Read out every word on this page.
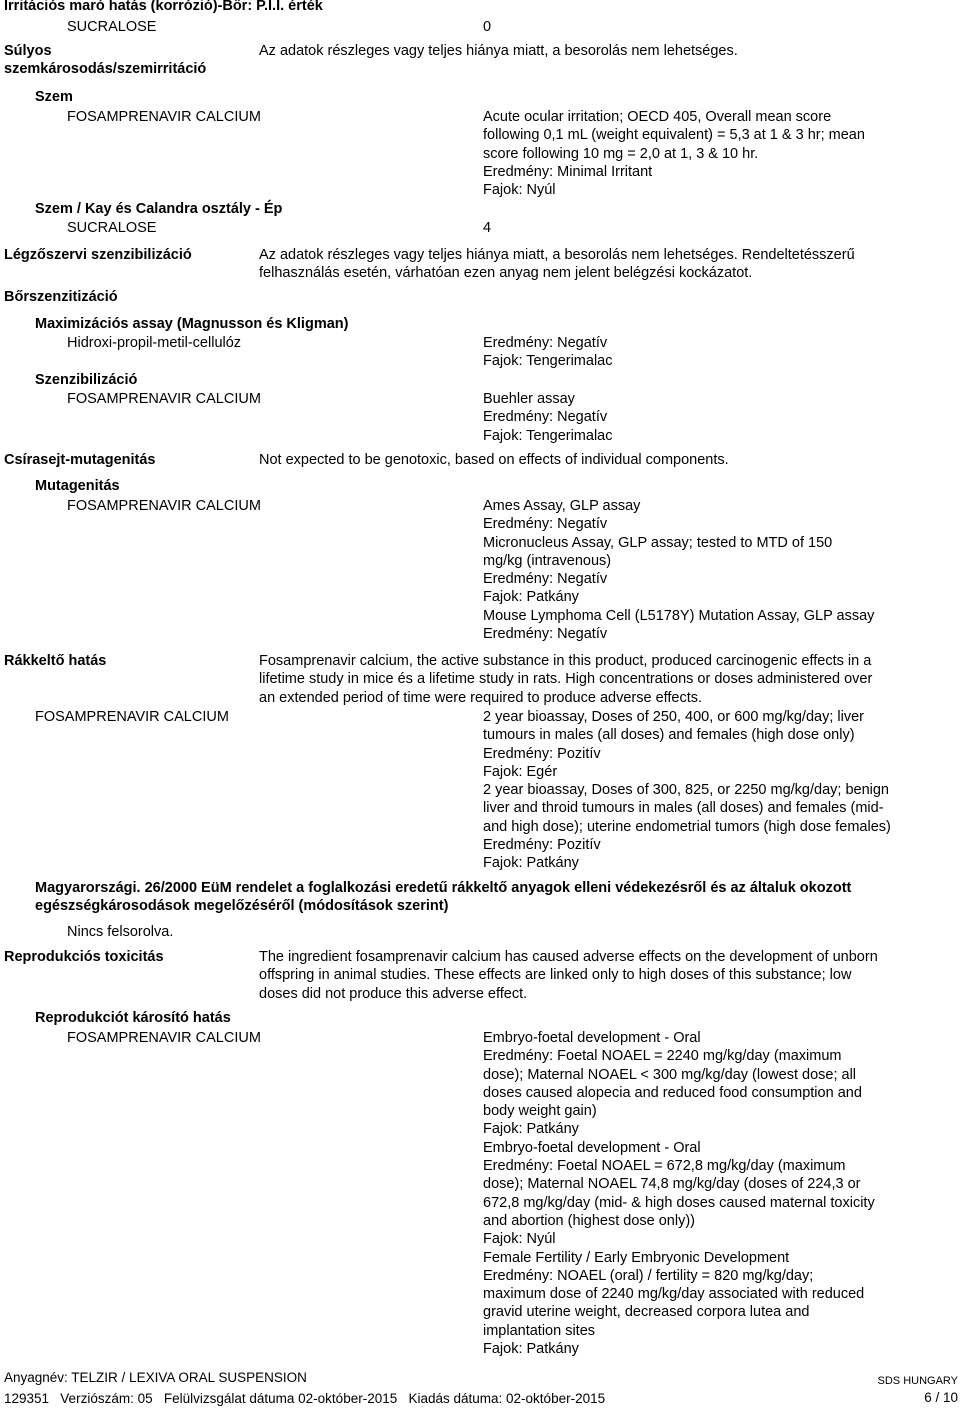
Irritációs maró hatás (korrózió)-Bőr: P.I.I. érték
SUCRALOSE	0
Súlyos
szemkárosodás/szemirritáció
Az adatok részleges vagy teljes hiánya miatt, a besorolás nem lehetséges.
Szem
FOSAMPRENAVIR CALCIUM	Acute ocular irritation; OECD 405, Overall mean score
following 0,1 mL (weight equivalent) = 5,3 at 1 & 3 hr; mean
score following 10 mg = 2,0 at 1, 3 & 10 hr.
Eredmény: Minimal Irritant
Fajok: Nyúl
Szem / Kay és Calandra osztály - Ép
SUCRALOSE	4
Légzőszervi szenzibilizáció	Az adatok részleges vagy teljes hiánya miatt, a besorolás nem lehetséges. Rendeltetésszerű
felhasználás esetén, várhatóan ezen anyag nem jelent belégzési kockázatot.
Bőrszenzitizáció
Maximizációs assay (Magnusson és Kligman)
Hidroxi-propil-metil-cellulóz	Eredmény: Negatív
Fajok: Tengerimalac
Szenzibilizáció
FOSAMPRENAVIR CALCIUM	Buehler assay
Eredmény: Negatív
Fajok: Tengerimalac
Csírasejt-mutagenitás	Not expected to be genotoxic, based on effects of individual components.
Mutagenitás
FOSAMPRENAVIR CALCIUM	Ames Assay, GLP assay
Eredmény: Negatív
Micronucleus Assay, GLP assay; tested to MTD of 150
mg/kg (intravenous)
Eredmény: Negatív
Fajok: Patkány
Mouse Lymphoma Cell (L5178Y) Mutation Assay, GLP assay
Eredmény: Negatív
Rákkeltő hatás	Fosamprenavir calcium, the active substance in this product, produced carcinogenic effects in a
lifetime study in mice és a lifetime study in rats. High concentrations or doses administered over
an extended period of time were required to produce adverse effects.
FOSAMPRENAVIR CALCIUM	2 year bioassay, Doses of 250, 400, or 600 mg/kg/day; liver
tumours in males (all doses) and females (high dose only)
Eredmény: Pozitív
Fajok: Egér
2 year bioassay, Doses of 300, 825, or 2250 mg/kg/day; benign
liver and throid tumours in males (all doses) and females (mid-
and high dose); uterine endometrial tumors (high dose females)
Eredmény: Pozitív
Fajok: Patkány
Magyarországi. 26/2000 EüM rendelet a foglalkozási eredetű rákkeltő anyagok elleni védekezésről és az általuk okozott
egészségkárosodások megelőzéséről (módosítások szerint)
Nincs felsorolva.
Reprodukciós toxicitás	The ingredient fosamprenavir calcium has caused adverse effects on the development of unborn
offspring in animal studies. These effects are linked only to high doses of this substance; low
doses did not produce this adverse effect.
Reprodukciót károsító hatás
FOSAMPRENAVIR CALCIUM	Embryo-foetal development - Oral
Eredmény: Foetal NOAEL = 2240 mg/kg/day (maximum
dose); Maternal NOAEL < 300 mg/kg/day (lowest dose; all
doses caused alopecia and reduced food consumption and
body weight gain)
Fajok: Patkány
Embryo-foetal development - Oral
Eredmény: Foetal NOAEL = 672,8 mg/kg/day (maximum
dose); Maternal NOAEL 74,8 mg/kg/day (doses of 224,3 or
672,8 mg/kg/day (mid- & high doses caused maternal toxicity
and abortion (highest dose only))
Fajok: Nyúl
Female Fertility / Early Embryonic Development
Eredmény: NOAEL (oral) / fertility = 820 mg/kg/day;
maximum dose of 2240 mg/kg/day associated with reduced
gravid uterine weight, decreased corpora lutea and
implantation sites
Fajok: Patkány
Anyagnév: TELZIR / LEXIVA ORAL SUSPENSION
129351   Verziószám: 05   Felülvizsgálat dátuma 02-október-2015   Kiadás dátuma: 02-október-2015
SDS HUNGARY
6 / 10
